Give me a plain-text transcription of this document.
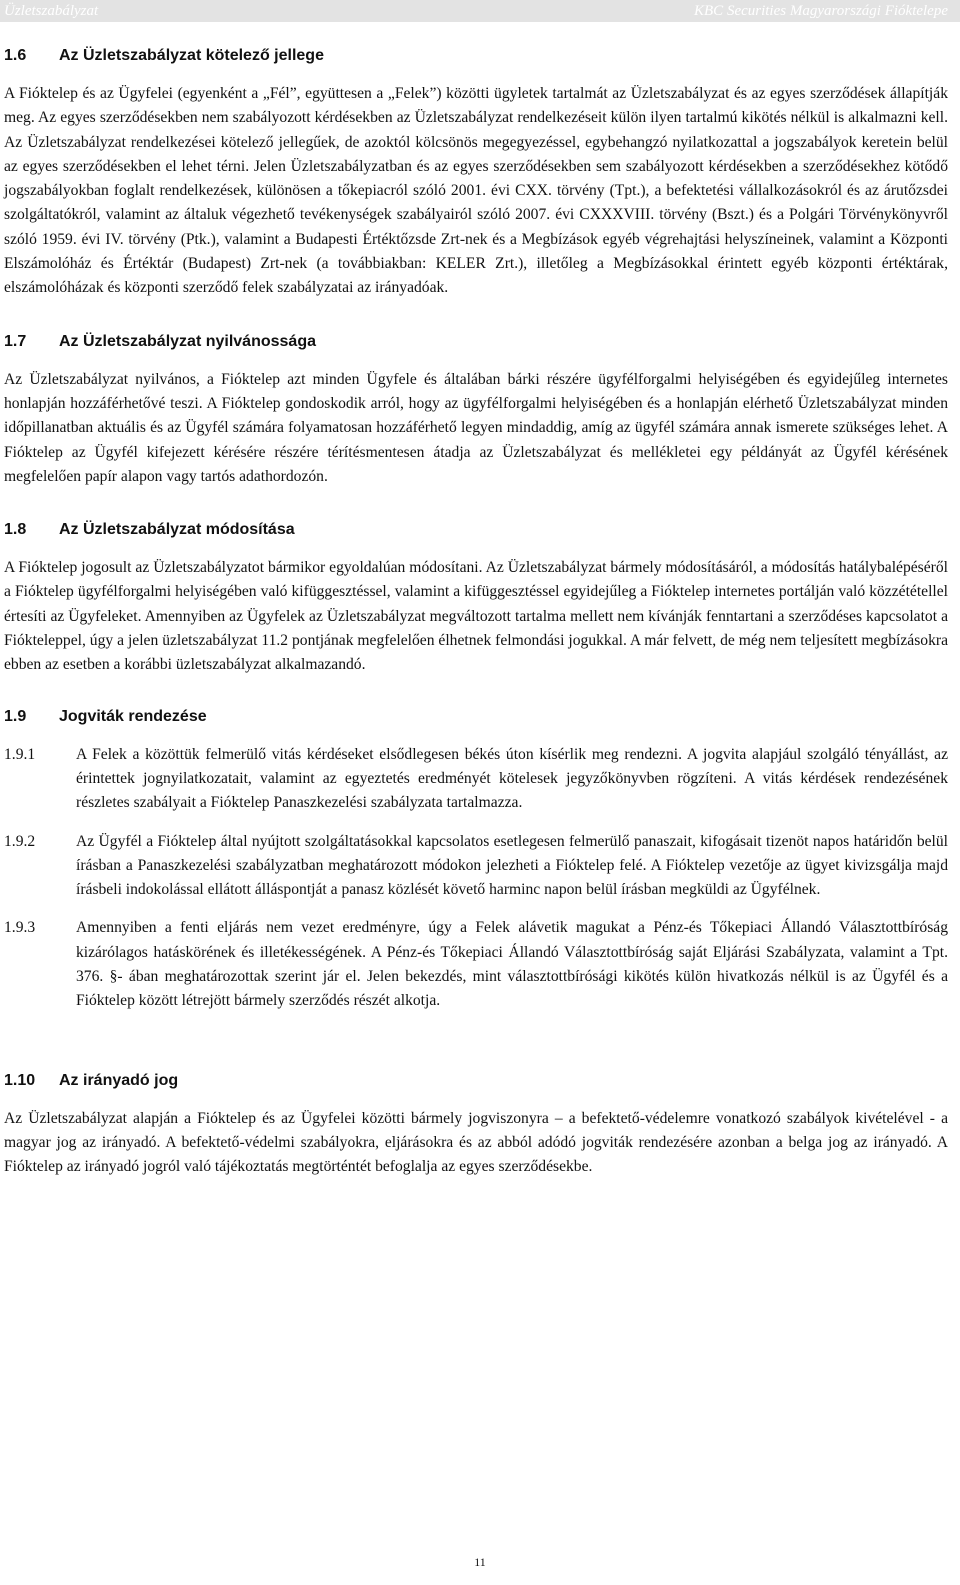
Üzletszabályzat	KBC Securities Magyarországi Fióktelepe

1.6 Az Üzletszabályzat kötelező jellege

A Fióktelep és az Ügyfelei (egyenként a „Fél”, együttesen a „Felek”) közötti ügyletek tartalmát az Üzletszabályzat és az egyes szerződések állapítják meg. Az egyes szerződésekben nem szabályozott kérdésekben az Üzletszabályzat rendelkezéseit külön ilyen tartalmú kikötés nélkül is alkalmazni kell. Az Üzletszabályzat rendelkezései kötelező jellegűek, de azoktól kölcsönös megegyezéssel, egybehangzó nyilatkozattal a jogszabályok keretein belül az egyes szerződésekben el lehet térni. Jelen Üzletszabályzatban és az egyes szerződésekben sem szabályozott kérdésekben a szerződésekhez kötődő jogszabályokban foglalt rendelkezések, különösen a tőkepiacról szóló 2001. évi CXX. törvény (Tpt.), a befektetési vállalkozásokról és az árutőzsdei szolgáltatókról, valamint az általuk végezhető tevékenységek szabályairól szóló 2007. évi CXXXVIII. törvény (Bszt.) és a Polgári Törvénykönyvről szóló 1959. évi IV. törvény (Ptk.), valamint a Budapesti Értéktőzsde Zrt-nek és a Megbízások egyéb végrehajtási helyszíneinek, valamint a Központi Elszámolóház és Értéktár (Budapest) Zrt-nek (a továbbiakban: KELER Zrt.), illetőleg a Megbízásokkal érintett egyéb központi értéktárak, elszámolóházak és központi szerződő felek szabályzatai az irányadóak.

1.7 Az Üzletszabályzat nyilvánossága

Az Üzletszabályzat nyilvános, a Fióktelep azt minden Ügyfele és általában bárki részére ügyfélforgalmi helyiségében és egyidejűleg internetes honlapján hozzáférhetővé teszi. A Fióktelep gondoskodik arról, hogy az ügyfélforgalmi helyiségében és a honlapján elérhető Üzletszabályzat minden időpillanatban aktuális és az Ügyfél számára folyamatosan hozzáférhető legyen mindaddig, amíg az ügyfél számára annak ismerete szükséges lehet. A Fióktelep az Ügyfél kifejezett kérésére részére térítésmentesen átadja az Üzletszabályzat és mellékletei egy példányát az Ügyfél kérésének megfelelően papír alapon vagy tartós adathordozón.

1.8 Az Üzletszabályzat módosítása

A Fióktelep jogosult az Üzletszabályzatot bármikor egyoldalúan módosítani. Az Üzletszabályzat bármely módosításáról, a módosítás hatálybalépéséről a Fióktelep ügyfélforgalmi helyiségében való kifüggesztéssel, valamint a kifüggesztéssel egyidejűleg a Fióktelep internetes portálján való közzététellel értesíti az Ügyfeleket. Amennyiben az Ügyfelek az Üzletszabályzat megváltozott tartalma mellett nem kívánják fenntartani a szerződéses kapcsolatot a Fiókteleppel, úgy a jelen üzletszabályzat 11.2 pontjának megfelelően élhetnek felmondási jogukkal. A már felvett, de még nem teljesített megbízásokra ebben az esetben a korábbi üzletszabályzat alkalmazandó.

1.9 Jogviták rendezése

1.9.1	A Felek a közöttük felmerülő vitás kérdéseket elsődlegesen békés úton kísérlik meg rendezni. A jogvita alapjául szolgáló tényállást, az érintettek jognyilatkozatait, valamint az egyeztetés eredményét kötelesek jegyzőkönyvben rögzíteni. A vitás kérdések rendezésének részletes szabályait a Fióktelep Panaszkezelési szabályzata tartalmazza.

1.9.2	Az Ügyfél a Fióktelep által nyújtott szolgáltatásokkal kapcsolatos esetlegesen felmerülő panaszait, kifogásait tizenöt napos határidőn belül írásban a Panaszkezelési szabályzatban meghatározott módokon jelezheti a Fióktelep felé. A Fióktelep vezetője az ügyet kivizsgálja majd írásbeli indokolással ellátott álláspontját a panasz közlését követő harminc napon belül írásban megküldi az Ügyfélnek.

1.9.3	Amennyiben a fenti eljárás nem vezet eredményre, úgy a Felek alávetik magukat a Pénz-és Tőkepiaci Állandó Választottbíróság kizárólagos hatáskörének és illetékességének. A Pénz-és Tőkepiaci Állandó Választottbíróság saját Eljárási Szabályzata, valamint a Tpt. 376. §- ában meghatározottak szerint jár el. Jelen bekezdés, mint választottbírósági kikötés külön hivatkozás nélkül is az Ügyfél és a Fióktelep között létrejött bármely szerződés részét alkotja.

1.10 Az irányadó jog

Az Üzletszabályzat alapján a Fióktelep és az Ügyfelei közötti bármely jogviszonyra – a befektető-védelemre vonatkozó szabályok kivételével - a magyar jog az irányadó. A befektető-védelmi szabályokra, eljárásokra és az abból adódó jogviták rendezésére azonban a belga jog az irányadó. A Fióktelep az irányadó jogról való tájékoztatás megtörténtét befoglalja az egyes szerződésekbe.

11
